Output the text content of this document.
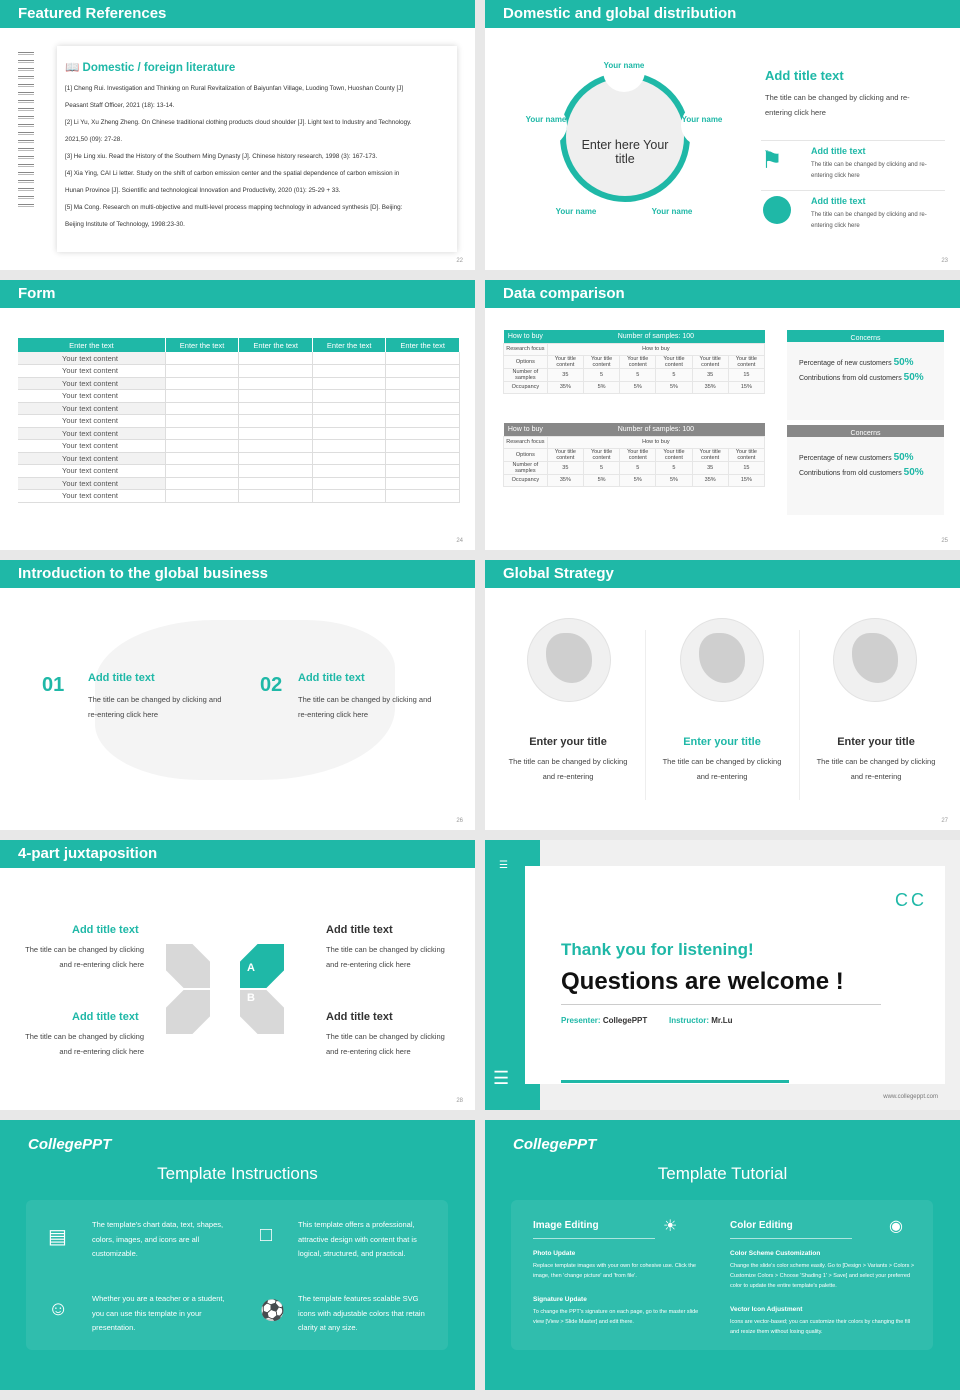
Featured References
📖 Domestic / foreign literature

[1] Cheng Rui. Investigation and Thinking on Rural Revitalization of Baiyunfan Village, Luoding Town, Huoshan County [J]

Peasant Staff Officer, 2021 (18): 13-14.

[2] Li Yu, Xu Zheng Zheng. On Chinese traditional clothing products cloud shoulder [J]. Light text to Industry and Technology.

2021,50 (09): 27-28.

[3] He Ling xiu. Read the History of the Southern Ming Dynasty [J]. Chinese history research, 1998 (3): 167-173.

[4] Xia Ying, CAI Li letter. Study on the shift of carbon emission center and the spatial dependence of carbon emission in

Hunan Province [J]. Scientific and technological Innovation and Productivity, 2020 (01): 25-29 + 33.

[5] Ma Cong. Research on multi-objective and multi-level process mapping technology in advanced synthesis [D]. Beijing:

Beijing Institute of Technology, 1998:23-30.

22
Domestic and global distribution
Enter here Your title
Your name
Your name
Your name
Your name	Your name
Add title text
The title can be changed by clicking and re-entering click here
⚑	Add title text
The title can be changed by clicking and re-entering click here
Add title text
The title can be changed by clicking and re-entering click here
23
Form
Enter the text	Enter the text	Enter the text	Enter the text	Enter the text
Your text content				
Your text content				
Your text content				
Your text content				
Your text content				
Your text content				
Your text content				
Your text content				
Your text content				
Your text content				
Your text content				
Your text content				
24
Data comparison
How to buy	Number of samples: 100					
Research focus	How to buy					
Options	Your title content	Your title content	Your title content	Your title content	Your title content	Your title content
Number of samples	35	5	5	5	35	15
Occupancy	35%	5%	5%	5%	35%	15%
How to buy	Number of samples: 100					
Research focus	How to buy					
Options	Your title content	Your title content	Your title content	Your title content	Your title content	Your title content
Number of samples	35	5	5	5	35	15
Occupancy	35%	5%	5%	5%	35%	15%
Concerns
Percentage of new customers 50%
Contributions from old customers 50%
Concerns
Percentage of new customers 50%
Contributions from old customers 50%
25
Introduction to the global business
01 Add title text
The title can be changed by clicking and re-entering click here
02 Add title text
The title can be changed by clicking and re-entering click here
26
Global Strategy
Enter your title
The title can be changed by clicking and re-entering
Enter your title
The title can be changed by clicking and re-entering
Enter your title
The title can be changed by clicking and re-entering
27
4-part juxtaposition
Add title text
The title can be changed by clicking and re-entering click here
Add title text
The title can be changed by clicking and re-entering click here
Add title text
The title can be changed by clicking and re-entering click here
Add title text
The title can be changed by clicking and re-entering click here
D A
C B
28
☰
☰
CC
Thank you for listening!
Questions are welcome !
Presenter: CollegePPT	Instructor: Mr.Lu
www.collegeppt.com
CollegePPT
Template Instructions
▤
The template's chart data, text, shapes, colors, images, and icons are all customizable.
□	This template offers a professional, attractive design with content that is logical, structured, and practical.
☺	Whether you are a teacher or a student, you can use this template in your presentation.
⚽
The template features scalable SVG icons with adjustable colors that retain clarity at any size.
CollegePPT
Template Tutorial
Image Editing	☀
Photo Update
Replace template images with your own for cohesive use. Click the image, then 'change picture' and 'from file'.
Signature Update
To change the PPT's signature on each page, go to the master slide view [View > Slide Master] and edit there.
Color Editing	◉
Color Scheme Customization
Change the slide's color scheme easily. Go to [Design > Variants > Colors > Customize Colors > Choose 'Shading 1' > Save] and select your preferred color to update the entire template's palette.
Vector Icon Adjustment
Icons are vector-based; you can customize their colors by changing the fill and resize them without losing quality.
